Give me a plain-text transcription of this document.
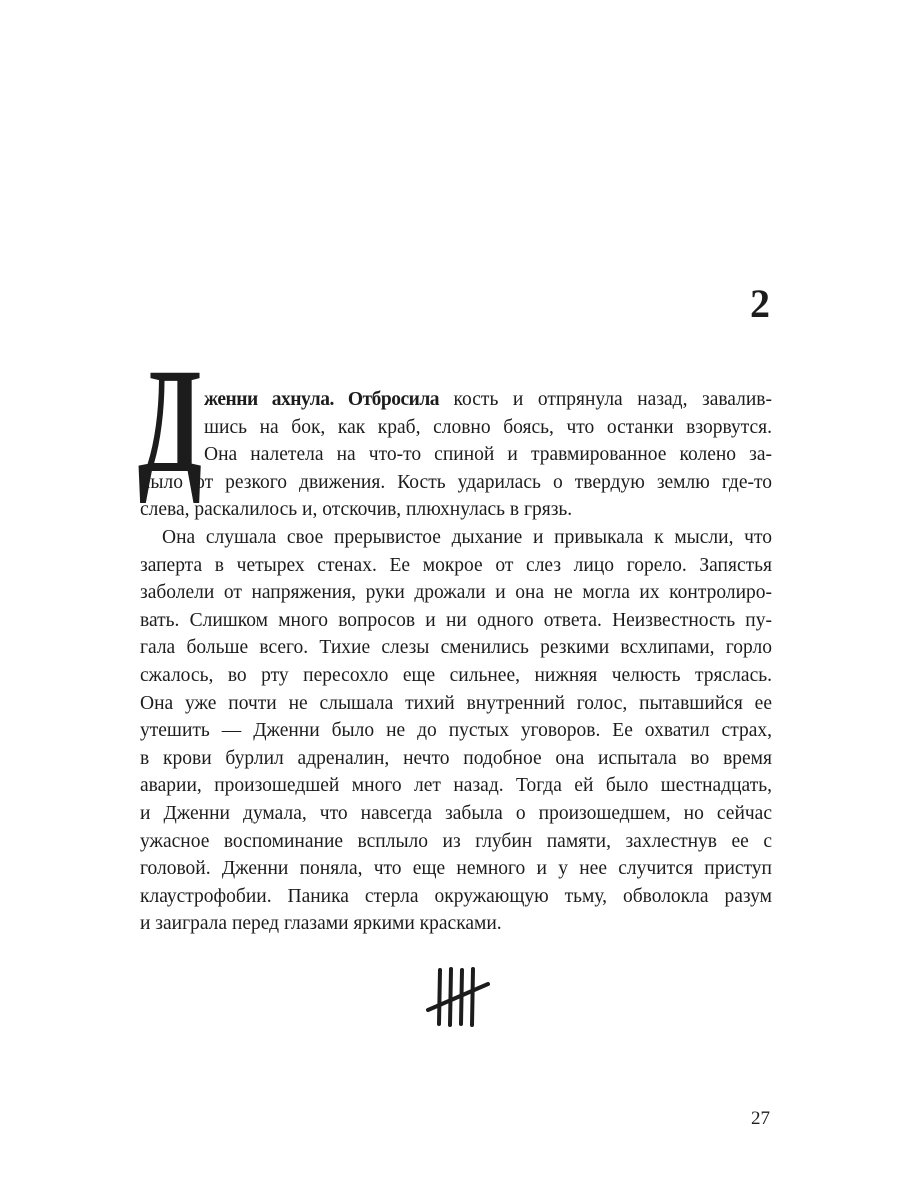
2
Д женни ахнула. Отбросила кость и отпрянула назад, завалив-
шись на бок, как краб, словно боясь, что останки взорвутся.
Она налетела на что-то спиной и травмированное колено за-
ныло от резкого движения. Кость ударилась о твердую землю где-то
слева, раскалилось и, отскочив, плюхнулась в грязь.
Она слушала свое прерывистое дыхание и привыкала к мысли, что
заперта в четырех стенах. Ее мокрое от слез лицо горело. Запястья
заболели от напряжения, руки дрожали и она не могла их контролиро-
вать. Слишком много вопросов и ни одного ответа. Неизвестность пу-
гала больше всего. Тихие слезы сменились резкими всхлипами, горло
сжалось, во рту пересохло еще сильнее, нижняя челюсть тряслась.
Она уже почти не слышала тихий внутренний голос, пытавшийся ее
утешить — Дженни было не до пустых уговоров. Ее охватил страх,
в крови бурлил адреналин, нечто подобное она испытала во время
аварии, произошедшей много лет назад. Тогда ей было шестнадцать,
и Дженни думала, что навсегда забыла о произошедшем, но сейчас
ужасное воспоминание всплыло из глубин памяти, захлестнув ее с
головой. Дженни поняла, что еще немного и у нее случится приступ
клаустрофобии. Паника стерла окружающую тьму, обволокла разум
и заиграла перед глазами яркими красками.
27
